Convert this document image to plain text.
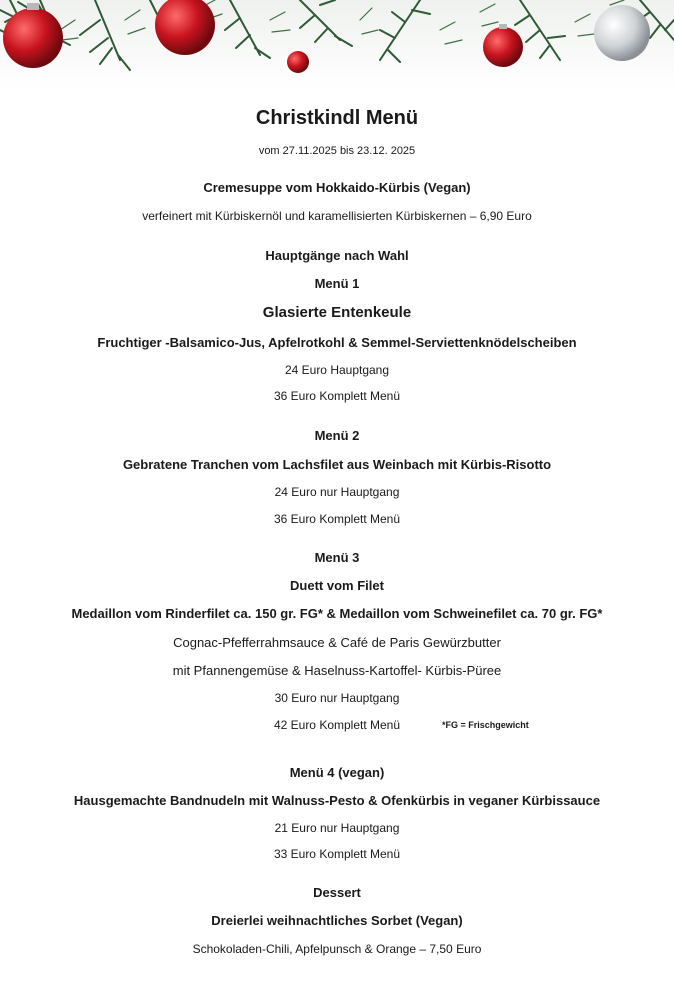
Christkindl Menü
vom 27.11.2025 bis 23.12. 2025
Cremesuppe vom Hokkaido-Kürbis (Vegan)
verfeinert mit Kürbiskernöl und karamellisierten Kürbiskernen – 6,90 Euro
Hauptgänge nach Wahl
Menü 1
Glasierte Entenkeule
Fruchtiger -Balsamico-Jus, Apfelrotkohl & Semmel-Serviettenknödelscheiben
24 Euro Hauptgang
36 Euro Komplett Menü
Menü 2
Gebratene Tranchen vom Lachsfilet aus Weinbach mit Kürbis-Risotto
24 Euro nur Hauptgang
36 Euro Komplett Menü
Menü 3
Duett vom Filet
Medaillon vom Rinderfilet ca. 150 gr. FG* & Medaillon vom Schweinefilet ca. 70 gr. FG*
Cognac-Pfefferrahmsauce & Café de Paris Gewürzbutter
mit Pfannengemüse & Haselnuss-Kartoffel- Kürbis-Püree
30 Euro nur Hauptgang
42 Euro Komplett Menü	*FG = Frischgewicht
Menü 4 (vegan)
Hausgemachte Bandnudeln mit Walnuss-Pesto & Ofenkürbis in veganer Kürbissauce
21 Euro nur Hauptgang
33 Euro Komplett Menü
Dessert
Dreierlei weihnachtliches Sorbet (Vegan)
Schokoladen-Chili, Apfelpunsch & Orange – 7,50 Euro
